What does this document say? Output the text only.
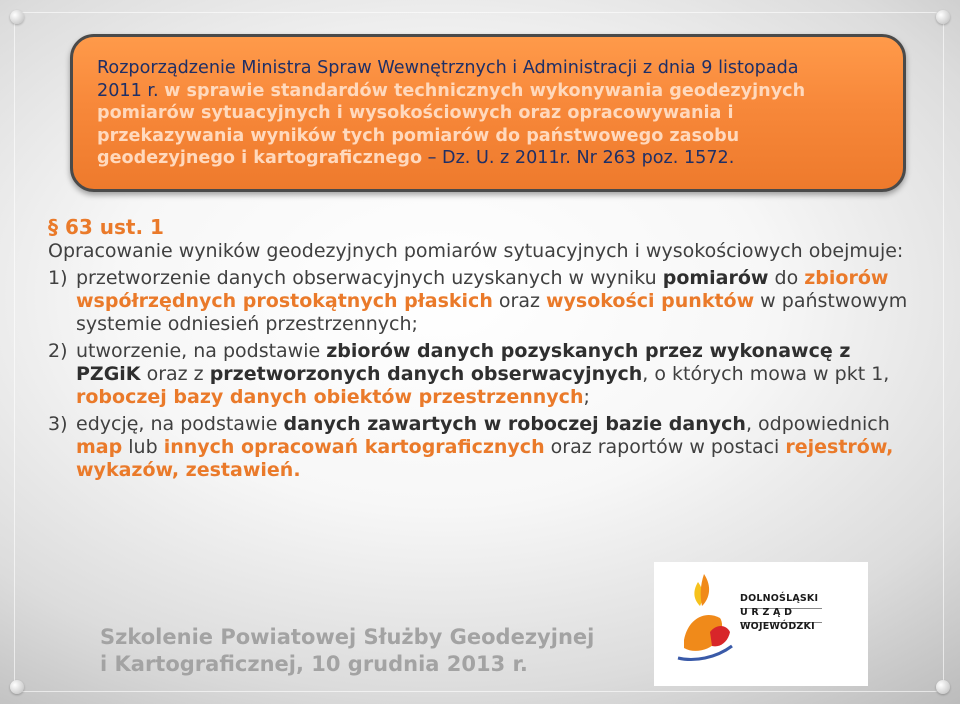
Rozporządzenie Ministra Spraw Wewnętrznych i Administracji z dnia 9 listopada
2011 r. w sprawie standardów technicznych wykonywania geodezyjnych
pomiarów sytuacyjnych i wysokościowych oraz opracowywania i
przekazywania wyników tych pomiarów do państwowego zasobu
geodezyjnego i kartograficznego – Dz. U. z 2011r. Nr 263 poz. 1572.
§ 63 ust. 1

Opracowanie wyników geodezyjnych pomiarów sytuacyjnych i wysokościowych obejmuje:

1) przetworzenie danych obserwacyjnych uzyskanych w wyniku pomiarów do zbiorów współrzędnych prostokątnych płaskich oraz wysokości punktów w państwowym systemie odniesień przestrzennych;
2) utworzenie, na podstawie zbiorów danych pozyskanych przez wykonawcę z PZGiK oraz z przetworzonych danych obserwacyjnych, o których mowa w pkt 1, roboczej bazy danych obiektów przestrzennych;
3) edycję, na podstawie danych zawartych w roboczej bazie danych, odpowiednich map lub innych opracowań kartograficznych oraz raportów w postaci rejestrów, wykazów, zestawień.
Szkolenie Powiatowej Służby Geodezyjnej
i Kartograficznej, 10 grudnia 2013 r.
DOLNOŚLĄSKI
U R Z Ą D
WOJEWÓDZKI
